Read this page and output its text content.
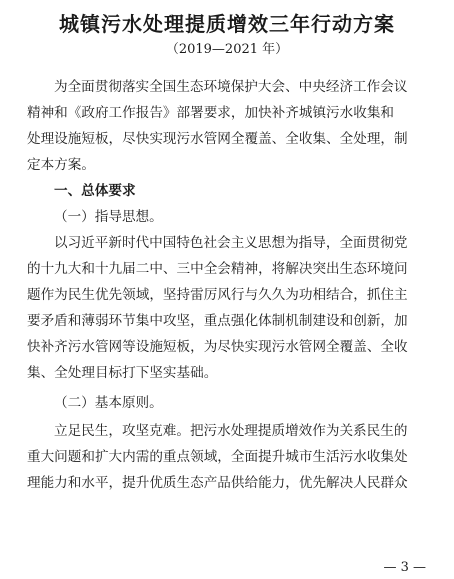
城镇污水处理提质增效三年行动方案
（2019—2021 年）
为全面贯彻落实全国生态环境保护大会、中央经济工作会议
精神和《政府工作报告》部署要求，加快补齐城镇污水收集和
处理设施短板，尽快实现污水管网全覆盖、全收集、全处理，制
定本方案。
一、总体要求
（一）指导思想。
以习近平新时代中国特色社会主义思想为指导，全面贯彻党
的十九大和十九届二中、三中全会精神，将解决突出生态环境问
题作为民生优先领域，坚持雷厉风行与久久为功相结合，抓住主
要矛盾和薄弱环节集中攻坚，重点强化体制机制建设和创新，加
快补齐污水管网等设施短板，为尽快实现污水管网全覆盖、全收
集、全处理目标打下坚实基础。
（二）基本原则。
立足民生，攻坚克难。把污水处理提质增效作为关系民生的
重大问题和扩大内需的重点领域，全面提升城市生活污水收集处
理能力和水平，提升优质生态产品供给能力，优先解决人民群众
— 3 —
